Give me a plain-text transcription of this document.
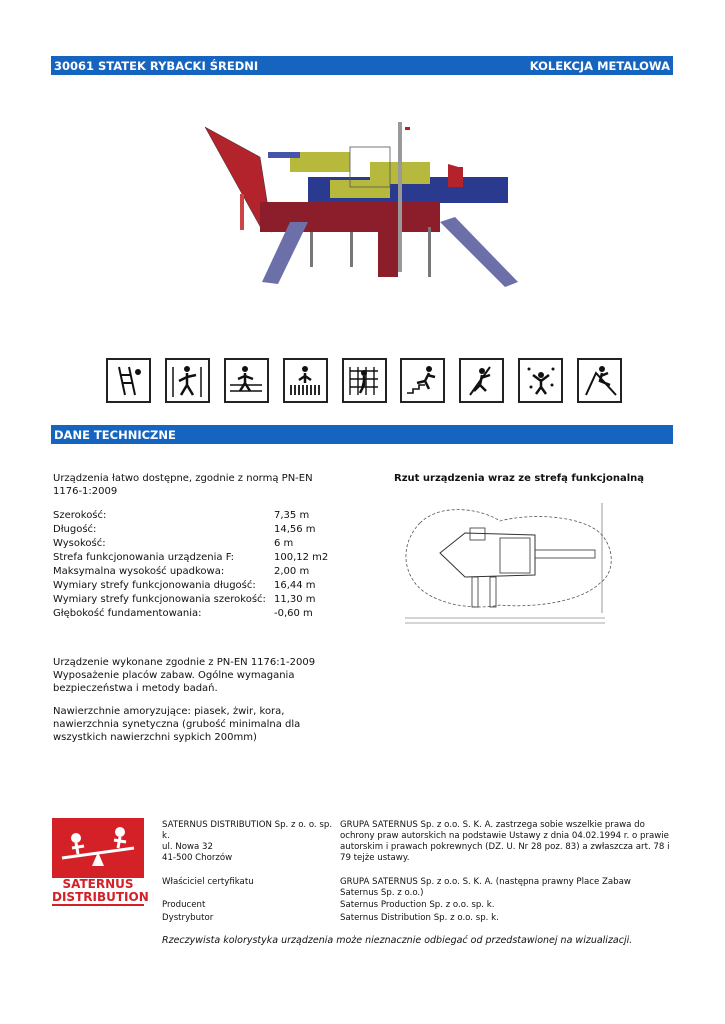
30061 STATEK RYBACKI ŚREDNI	KOLEKCJA METALOWA
DANE TECHNICZNE
Urządzenia łatwo dostępne, zgodnie z normą PN-EN 1176-1:2009
Szerokość:	7,35 m
Długość:	14,56 m
Wysokość:	6 m
Strefa funkcjonowania urządzenia F:	100,12 m2
Maksymalna wysokość upadkowa:	2,00 m
Wymiary strefy funkcjonowania długość:	16,44 m
Wymiary strefy funkcjonowania szerokość: 11,30 m
Głębokość fundamentowania:	-0,60 m
Urządzenie wykonane zgodnie z PN-EN 1176:1-2009 Wyposażenie placów zabaw. Ogólne wymagania bezpieczeństwa i metody badań.
Nawierzchnie amoryzujące: piasek, żwir, kora, nawierzchnia synetyczna (grubość minimalna dla wszystkich nawierzchni sypkich 200mm)
Rzut urządzenia wraz ze strefą funkcjonalną
SATERNUS
DISTRIBUTION
SATERNUS DISTRIBUTION Sp. z o. o. sp. k.
ul. Nowa 32
41-500 Chorzów
GRUPA SATERNUS Sp. z o.o. S. K. A. zastrzega sobie wszelkie prawa do ochrony praw autorskich na podstawie Ustawy z dnia 04.02.1994 r. o prawie autorskim i prawach pokrewnych (DZ. U. Nr 28 poz. 83) a zwłaszcza art. 78 i 79 tejże ustawy.
Właściciel certyfikatu	GRUPA SATERNUS Sp. z o.o. S. K. A. (następna prawny Place Zabaw Saternus Sp. z o.o.)
Producent	Saternus Production Sp. z o.o. sp. k.
Dystrybutor	Saternus Distribution Sp. z o.o. sp. k.
Rzeczywista kolorystyka urządzenia może nieznacznie odbiegać od przedstawionej na wizualizacji.
